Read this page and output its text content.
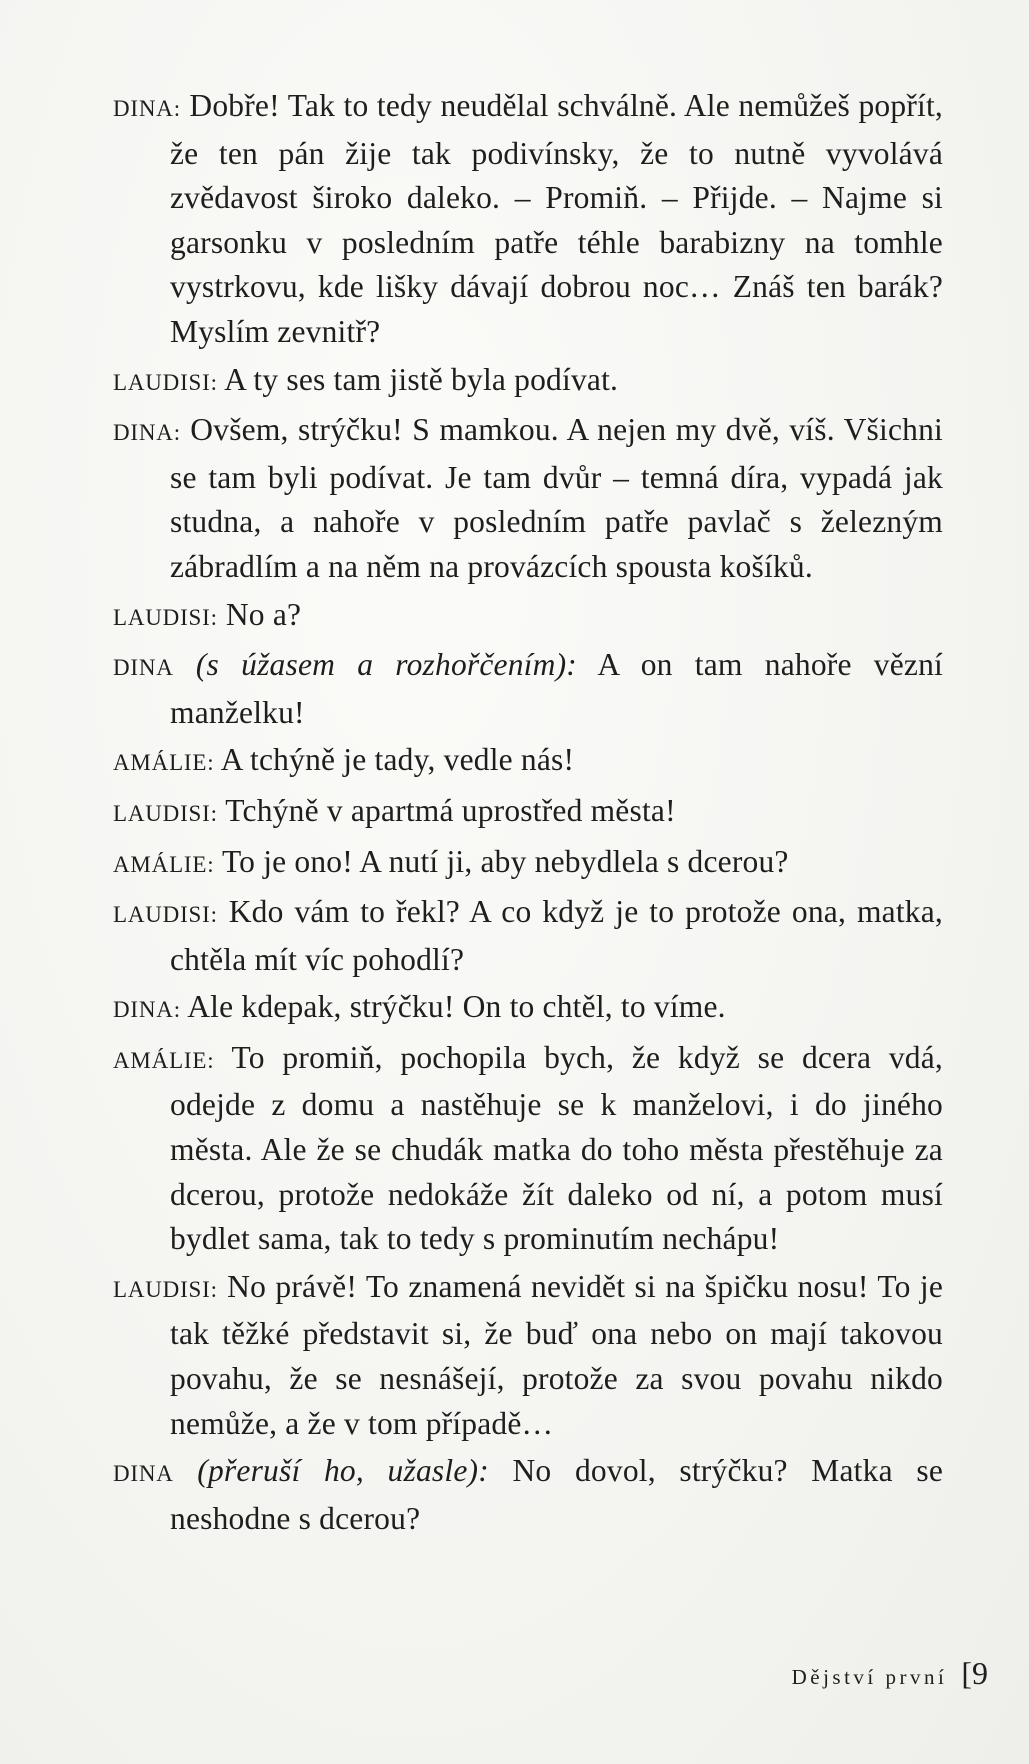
DINA: Dobře! Tak to tedy neudělal schválně. Ale nemůžeš popřít, že ten pán žije tak podivínsky, že to nutně vyvolává zvědavost široko daleko. – Promiň. – Přijde. – Najme si garsonku v posledním patře téhle barabizny na tomhle vystrkovu, kde lišky dávají dobrou noc… Znáš ten barák? Myslím zevnitř?

LAUDISI: A ty ses tam jistě byla podívat.

DINA: Ovšem, strýčku! S mamkou. A nejen my dvě, víš. Všichni se tam byli podívat. Je tam dvůr – temná díra, vypadá jak studna, a nahoře v posledním patře pavlač s železným zábradlím a na něm na provázcích spousta košíků.

LAUDISI: No a?

DINA (s úžasem a rozhořčením): A on tam nahoře vězní manželku!

AMÁLIE: A tchýně je tady, vedle nás!

LAUDISI: Tchýně v apartmá uprostřed města!

AMÁLIE: To je ono! A nutí ji, aby nebydlela s dcerou?

LAUDISI: Kdo vám to řekl? A co když je to protože ona, matka, chtěla mít víc pohodlí?

DINA: Ale kdepak, strýčku! On to chtěl, to víme.

AMÁLIE: To promiň, pochopila bych, že když se dcera vdá, odejde z domu a nastěhuje se k manželovi, i do jiného města. Ale že se chudák matka do toho města přestěhuje za dcerou, protože nedokáže žít daleko od ní, a potom musí bydlet sama, tak to tedy s prominutím nechápu!

LAUDISI: No právě! To znamená nevidět si na špičku nosu! To je tak těžké představit si, že buď ona nebo on mají takovou povahu, že se nesnášejí, protože za svou povahu nikdo nemůže, a že v tom případě…

DINA (přeruší ho, užasle): No dovol, strýčku? Matka se neshodne s dcerou?

Dějství první [9
